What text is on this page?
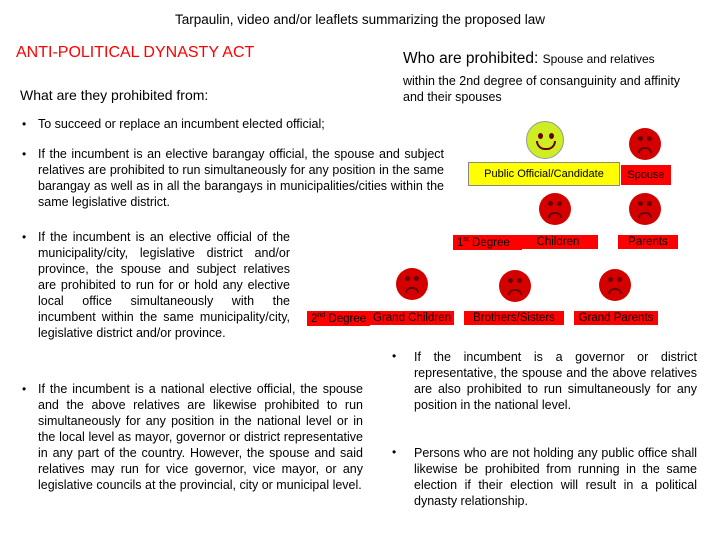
Tarpaulin, video and/or leaflets summarizing the proposed law
ANTI-POLITICAL DYNASTY ACT
What are they prohibited from:
Who are prohibited: Spouse and relatives
within the 2nd degree of consanguinity and affinity and their spouses
• To succeed or replace an incumbent elected official;
• If the incumbent is an elective barangay official, the spouse and subject relatives are prohibited to run simultaneously for any position in the same barangay as well as in all the barangays in municipalities/cities within the same legislative district.
• If the incumbent is an elective official of the municipality/city, legislative district and/or province, the spouse and subject relatives are prohibited to run for or hold any elective local office simultaneously with the incumbent within the same municipality/city, legislative district and/or province.
• If the incumbent is a national elective official, the spouse and the above relatives are likewise prohibited to run simultaneously for any position in the national level or in the local level as mayor, governor or district representative in any part of the country. However, the spouse and said relatives may run for vice governor, vice mayor, or any legislative councils at the provincial, city or municipal level.
•	If the incumbent is a governor or district representative, the spouse and the above relatives are also prohibited to run simultaneously for any position in the national level.
•	Persons who are not holding any public office shall likewise be prohibited from running in the same election if their election will result in a political dynasty relationship.
Public Official/Candidate	Spouse
1st Degree	Children	Parents
2nd Degree Grand Children	Brothers/Sisters	Grand Parents
